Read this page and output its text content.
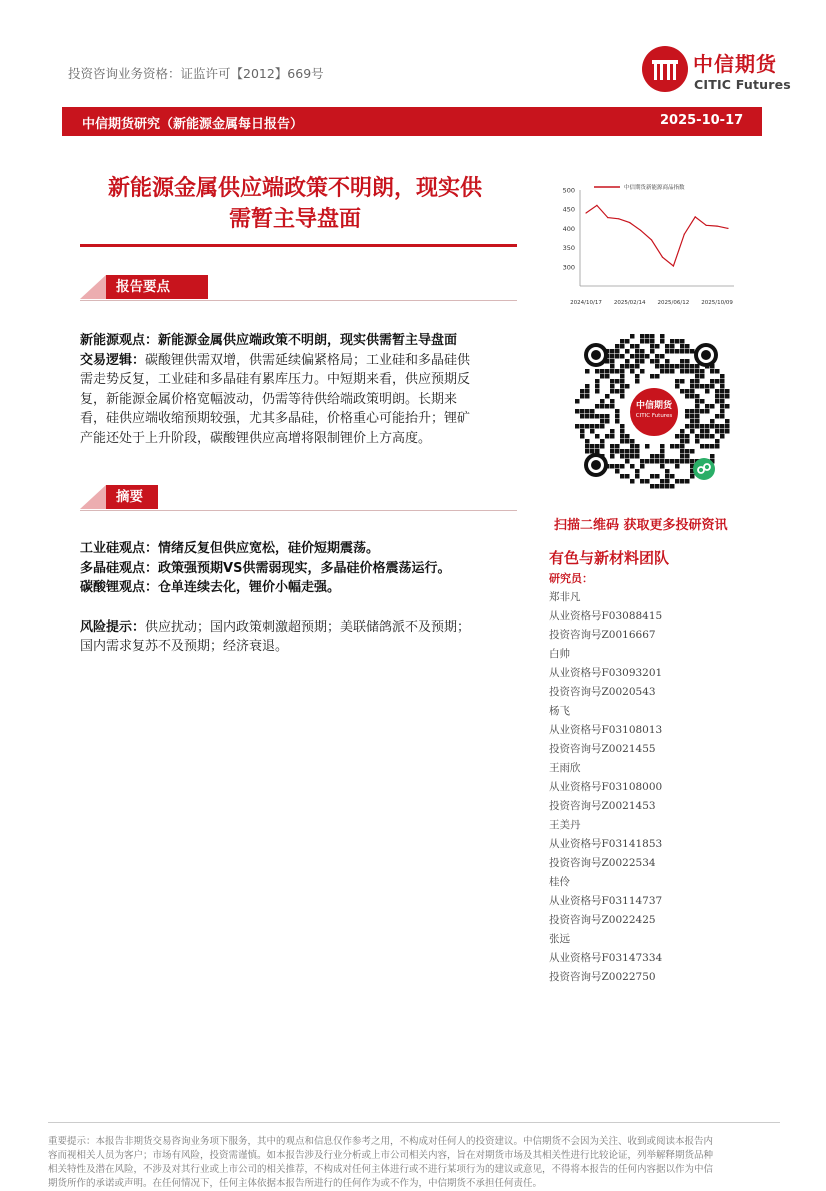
投资咨询业务资格：证监许可【2012】669号	中信期货
CITIC Futures
中信期货研究（新能源金属每日报告）	2025-10-17
新能源金属供应端政策不明朗，现实供
需暂主导盘面
报告要点
新能源观点：新能源金属供应端政策不明朗，现实供需暂主导盘面
交易逻辑：碳酸锂供需双增，供需延续偏紧格局；工业硅和多晶硅供
需走势反复，工业硅和多晶硅有累库压力。中短期来看，供应预期反
复，新能源金属价格宽幅波动，仍需等待供给端政策明朗。长期来
看，硅供应端收缩预期较强，尤其多晶硅，价格重心可能抬升；锂矿
产能还处于上升阶段，碳酸锂供应高增将限制锂价上方高度。
摘要
工业硅观点：情绪反复但供应宽松，硅价短期震荡。
多晶硅观点：政策强预期VS供需弱现实，多晶硅价格震荡运行。
碳酸锂观点：仓单连续去化，锂价小幅走强。
风险提示：供应扰动；国内政策刺激超预期；美联储鸽派不及预期；
国内需求复苏不及预期；经济衰退。
300
350
400
450
500
2024/10/17 2025/02/14 2025/06/12 2025/10/09
中信期货新能源商品指数
中信期货
CITIC Futures
扫描二维码 获取更多投研资讯
有色与新材料团队
研究员：
郑非凡
从业资格号F03088415
投资咨询号Z0016667
白帅
从业资格号F03093201
投资咨询号Z0020543
杨飞
从业资格号F03108013
投资咨询号Z0021455
王雨欣
从业资格号F03108000
投资咨询号Z0021453
王美丹
从业资格号F03141853
投资咨询号Z0022534
桂伶
从业资格号F03114737
投资咨询号Z0022425
张远
从业资格号F03147334
投资咨询号Z0022750
重要提示：本报告非期货交易咨询业务项下服务，其中的观点和信息仅作参考之用，不构成对任何人的投资建议。中信期货不会因为关注、收到或阅读本报告内
容而视相关人员为客户；市场有风险，投资需谨慎。如本报告涉及行业分析或上市公司相关内容，旨在对期货市场及其相关性进行比较论证，列举解释期货品种
相关特性及潜在风险，不涉及对其行业或上市公司的相关推荐，不构成对任何主体进行或不进行某项行为的建议或意见，不得将本报告的任何内容据以作为中信
期货所作的承诺或声明。在任何情况下，任何主体依据本报告所进行的任何作为或不作为，中信期货不承担任何责任。
